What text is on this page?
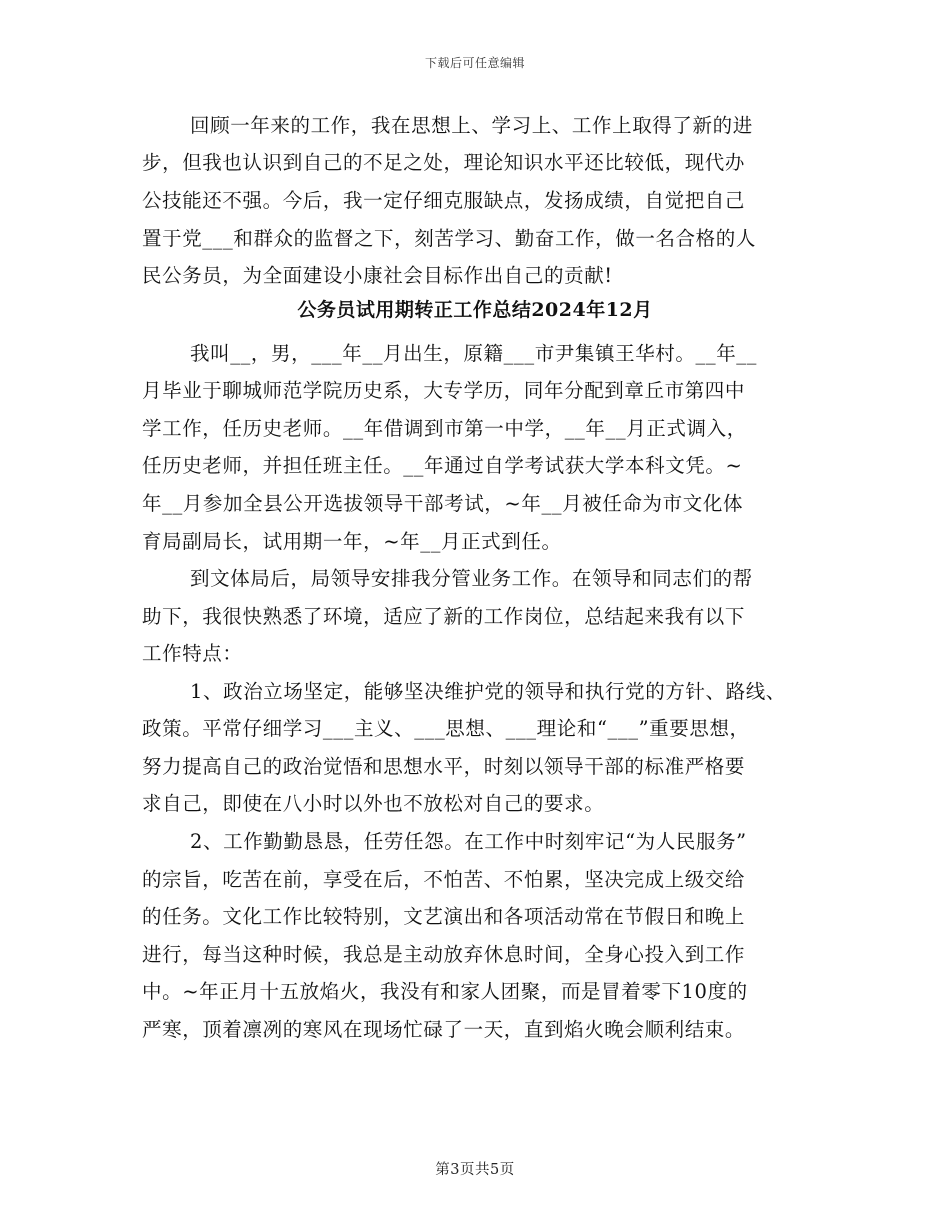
下载后可任意编辑
回顾一年来的工作，我在思想上、学习上、工作上取得了新的进
步，但我也认识到自己的不足之处，理论知识水平还比较低，现代办
公技能还不强。今后，我一定仔细克服缺点，发扬成绩，自觉把自己
置于党___和群众的监督之下，刻苦学习、勤奋工作，做一名合格的人
民公务员，为全面建设小康社会目标作出自己的贡献!
公务员试用期转正工作总结2024年12月
我叫__，男，___年__月出生，原籍___市尹集镇王华村。__年__
月毕业于聊城师范学院历史系，大专学历，同年分配到章丘市第四中
学工作，任历史老师。__年借调到市第一中学，__年__月正式调入，
任历史老师，并担任班主任。__年通过自学考试获大学本科文凭。~
年__月参加全县公开选拔领导干部考试，~年__月被任命为市文化体
育局副局长，试用期一年，~年__月正式到任。
到文体局后，局领导安排我分管业务工作。在领导和同志们的帮
助下，我很快熟悉了环境，适应了新的工作岗位，总结起来我有以下
工作特点：
1、政治立场坚定，能够坚决维护党的领导和执行党的方针、路线、
政策。平常仔细学习___主义、___思想、___理论和“___”重要思想，
努力提高自己的政治觉悟和思想水平，时刻以领导干部的标准严格要
求自己，即使在八小时以外也不放松对自己的要求。
2、工作勤勤恳恳，任劳任怨。在工作中时刻牢记“为人民服务”
的宗旨，吃苦在前，享受在后，不怕苦、不怕累，坚决完成上级交给
的任务。文化工作比较特别，文艺演出和各项活动常在节假日和晚上
进行，每当这种时候，我总是主动放弃休息时间，全身心投入到工作
中。~年正月十五放焰火，我没有和家人团聚，而是冒着零下10度的
严寒，顶着凛冽的寒风在现场忙碌了一天，直到焰火晚会顺利结束。
第3页共5页
